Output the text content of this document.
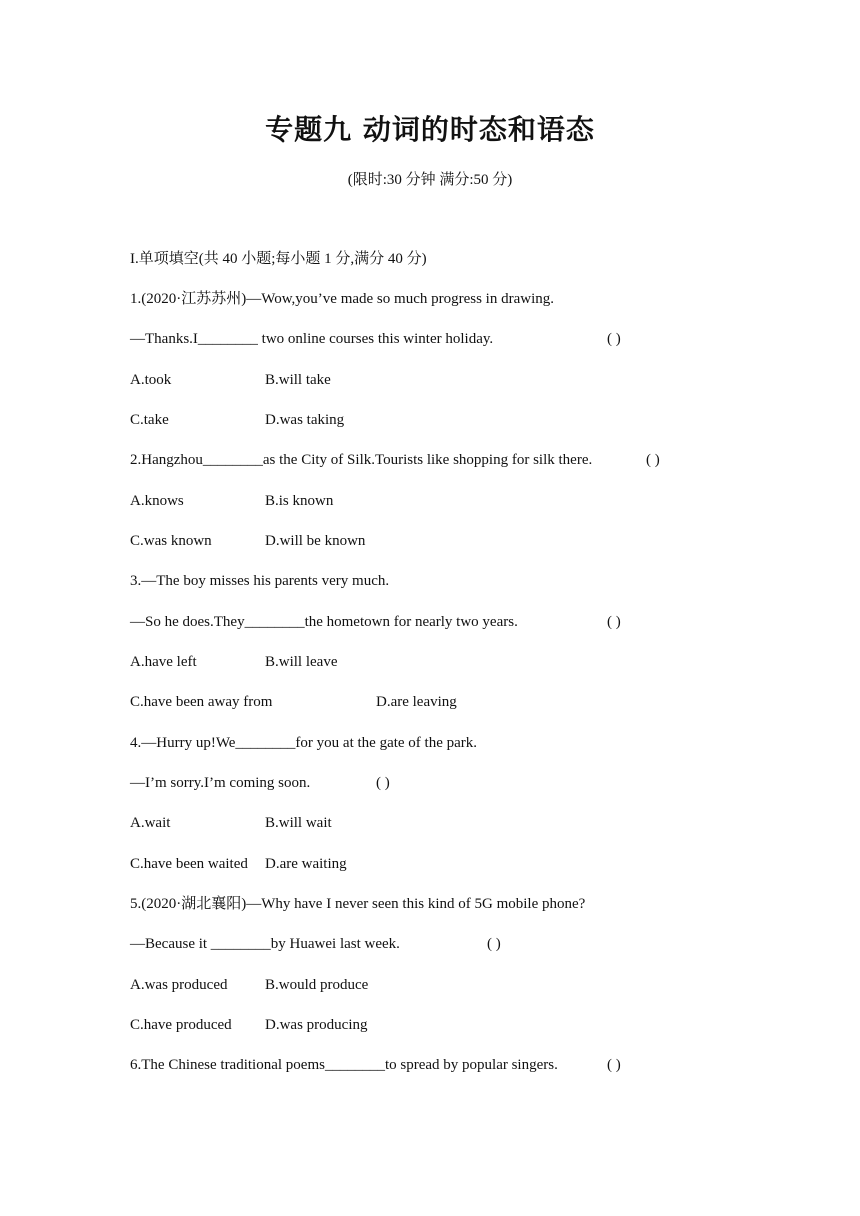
专题九 动词的时态和语态
(限时:30 分钟 满分:50 分)
I.单项填空(共 40 小题;每小题 1 分,满分 40 分)
1.(2020·江苏苏州)—Wow,you’ve made so much progress in drawing.
—Thanks.I________ two online courses this winter holiday.	( )
A.took	B.will take
C.take	D.was taking
2.Hangzhou________as the City of Silk.Tourists like shopping for silk there.	( )
A.knows	B.is known
C.was known	D.will be known
3.—The boy misses his parents very much.
—So he does.They________the hometown for nearly two years.	( )
A.have left	B.will leave
C.have been away from	D.are leaving
4.—Hurry up!We________for you at the gate of the park.
—I’m sorry.I’m coming soon.	( )
A.wait	B.will wait
C.have been waited D.are waiting
5.(2020·湖北襄阳)—Why have I never seen this kind of 5G mobile phone?
—Because it ________by Huawei last week.	( )
A.was produced	B.would produce
C.have produced D.was producing
6.The Chinese traditional poems________to spread by popular singers.	( )
